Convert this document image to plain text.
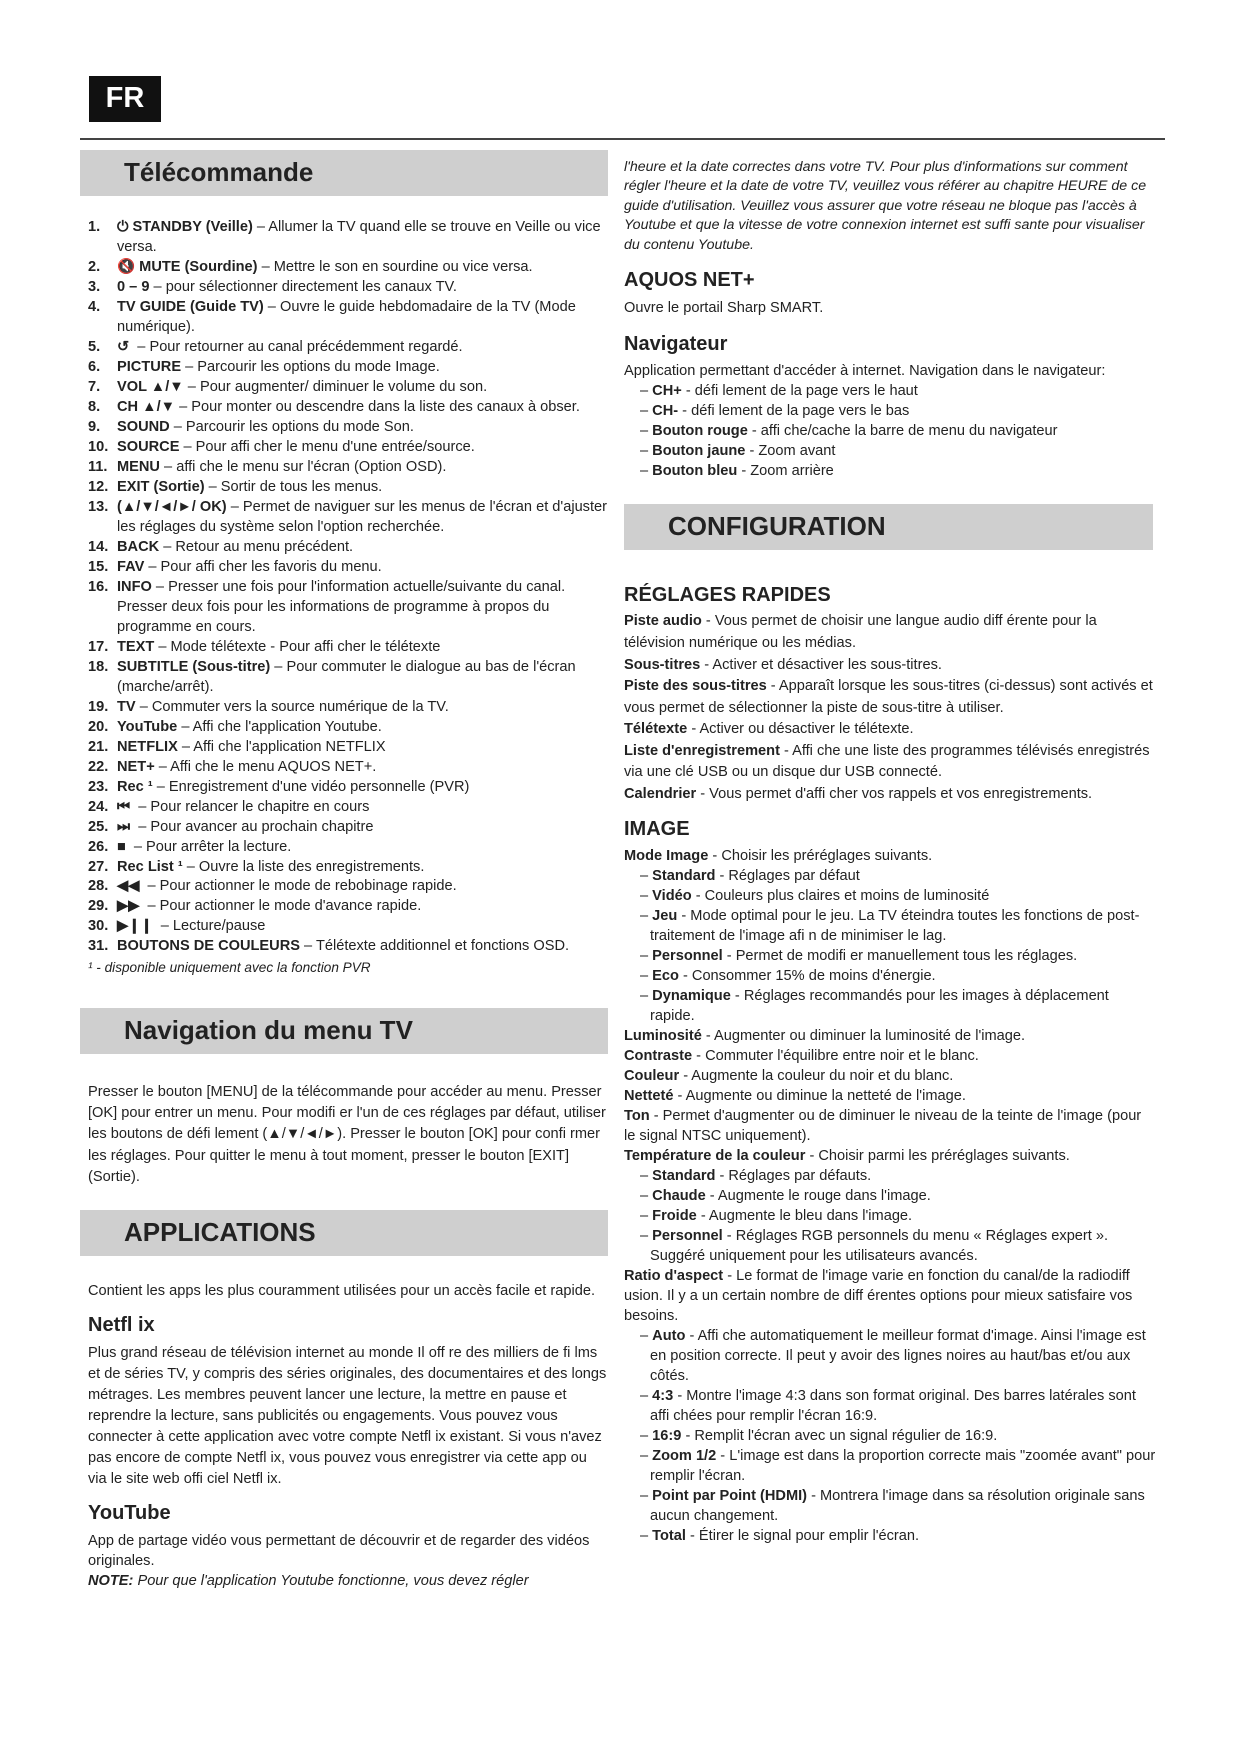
FR
Télécommande
1.	⏻ STANDBY (Veille) – Allumer la TV quand elle se trouve en Veille ou vice versa.
2.	🔇 MUTE (Sourdine) – Mettre le son en sourdine ou vice versa.
3.	0 – 9 – pour sélectionner directement les canaux TV.
4.	TV GUIDE (Guide TV) – Ouvre le guide hebdomadaire de la TV (Mode numérique).
5.	↺ – Pour retourner au canal précédemment regardé.
6.	PICTURE – Parcourir les options du mode Image.
7.	VOL ▲/▼ – Pour augmenter/ diminuer le volume du son.
8.	CH ▲/▼ – Pour monter ou descendre dans la liste des canaux à obser.
9.	SOUND – Parcourir les options du mode Son.
10. SOURCE – Pour affi cher le menu d'une entrée/source.
11. MENU – affi che le menu sur l'écran (Option OSD).
12. EXIT (Sortie) – Sortir de tous les menus.
13. (▲/▼/◄/►/ OK) – Permet de naviguer sur les menus de l'écran et d'ajuster les réglages du système selon l'option recherchée.
14. BACK – Retour au menu précédent.
15. FAV – Pour affi cher les favoris du menu.
16. INFO – Presser une fois pour l'information actuelle/suivante du canal. Presser deux fois pour les informations de programme à propos du programme en cours.
17. TEXT – Mode télétexte - Pour affi cher le télétexte
18. SUBTITLE (Sous-titre) – Pour commuter le dialogue au bas de l'écran (marche/arrêt).
19. TV – Commuter vers la source numérique de la TV.
20. YouTube – Affi che l'application Youtube.
21. NETFLIX – Affi che l'application NETFLIX
22. NET+ – Affi che le menu AQUOS NET+.
23. Rec ¹ – Enregistrement d'une vidéo personnelle (PVR)
24. ⏮ – Pour relancer le chapitre en cours
25. ⏭ – Pour avancer au prochain chapitre
26. ■ – Pour arrêter la lecture.
27. Rec List ¹ – Ouvre la liste des enregistrements.
28. ◀◀ – Pour actionner le mode de rebobinage rapide.
29. ▶▶ – Pour actionner le mode d'avance rapide.
30. ▶❙❙ – Lecture/pause
31. BOUTONS DE COULEURS – Télétexte additionnel et fonctions OSD.

¹ - disponible uniquement avec la fonction PVR

Navigation du menu TV

Presser le bouton [MENU] de la télécommande pour accéder au menu. Presser [OK] pour entrer un menu. Pour modifi er l'un de ces réglages par défaut, utiliser les boutons de défi lement (▲/▼/◄/►). Presser le bouton [OK] pour confi rmer les réglages. Pour quitter le menu à tout moment, presser le bouton [EXIT] (Sortie).

APPLICATIONS

Contient les apps les plus couramment utilisées pour un accès facile et rapide.

Netfl ix

Plus grand réseau de télévision internet au monde Il off re des milliers de fi lms et de séries TV, y compris des séries originales, des documentaires et des longs métrages. Les membres peuvent lancer une lecture, la mettre en pause et reprendre la lecture, sans publicités ou engagements. Vous pouvez vous connecter à cette application avec votre compte Netfl ix existant. Si vous n'avez pas encore de compte Netfl ix, vous pouvez vous enregistrer via cette app ou via le site web offi ciel Netfl ix.

YouTube

App de partage vidéo vous permettant de découvrir et de regarder des vidéos originales.

NOTE: Pour que l'application Youtube fonctionne, vous devez régler

l'heure et la date correctes dans votre TV. Pour plus d'informations sur comment régler l'heure et la date de votre TV, veuillez vous référer au chapitre HEURE de ce guide d'utilisation. Veuillez vous assurer que votre réseau ne bloque pas l'accès à Youtube et que la vitesse de votre connexion internet est suffi sante pour visualiser du contenu Youtube.

AQUOS NET+

Ouvre le portail Sharp SMART.

Navigateur

Application permettant d'accéder à internet. Navigation dans le navigateur:

– CH+ - défi lement de la page vers le haut

– CH- - défi lement de la page vers le bas

– Bouton rouge - affi che/cache la barre de menu du navigateur

– Bouton jaune - Zoom avant

– Bouton bleu - Zoom arrière

CONFIGURATION
RÉGLAGES RAPIDES

Piste audio - Vous permet de choisir une langue audio diff érente pour la télévision numérique ou les médias.

Sous-titres - Activer et désactiver les sous-titres.

Piste des sous-titres - Apparaît lorsque les sous-titres (ci-dessus) sont activés et vous permet de sélectionner la piste de sous-titre à utiliser.

Télétexte - Activer ou désactiver le télétexte.

Liste d'enregistrement - Affi che une liste des programmes télévisés enregistrés via une clé USB ou un disque dur USB connecté.

Calendrier - Vous permet d'affi cher vos rappels et vos enregistrements.

IMAGE

Mode Image - Choisir les préréglages suivants.

– Standard - Réglages par défaut

– Vidéo - Couleurs plus claires et moins de luminosité

– Jeu - Mode optimal pour le jeu. La TV éteindra toutes les fonctions de post-traitement de l'image afi n de minimiser le lag.

– Personnel - Permet de modifi er manuellement tous les réglages.

– Eco - Consommer 15% de moins d'énergie.

– Dynamique - Réglages recommandés pour les images à déplacement rapide.

Luminosité - Augmenter ou diminuer la luminosité de l'image.

Contraste - Commuter l'équilibre entre noir et le blanc.

Couleur - Augmente la couleur du noir et du blanc.

Netteté - Augmente ou diminue la netteté de l'image.

Ton - Permet d'augmenter ou de diminuer le niveau de la teinte de l'image (pour le signal NTSC uniquement).

Température de la couleur - Choisir parmi les préréglages suivants.

– Standard - Réglages par défauts.

– Chaude - Augmente le rouge dans l'image.

– Froide - Augmente le bleu dans l'image.

– Personnel - Réglages RGB personnels du menu « Réglages expert ». Suggéré uniquement pour les utilisateurs avancés.

Ratio d'aspect - Le format de l'image varie en fonction du canal/de la radiodiff usion. Il y a un certain nombre de diff érentes options pour mieux satisfaire vos besoins.

– Auto - Affi che automatiquement le meilleur format d'image. Ainsi l'image est en position correcte. Il peut y avoir des lignes noires au haut/bas et/ou aux côtés.

– 4:3 - Montre l'image 4:3 dans son format original. Des barres latérales sont affi chées pour remplir l'écran 16:9.

– 16:9 - Remplit l'écran avec un signal régulier de 16:9.

– Zoom 1/2 - L'image est dans la proportion correcte mais "zoomée avant" pour remplir l'écran.

– Point par Point (HDMI) - Montrera l'image dans sa résolution originale sans aucun changement.

– Total - Étirer le signal pour emplir l'écran.
